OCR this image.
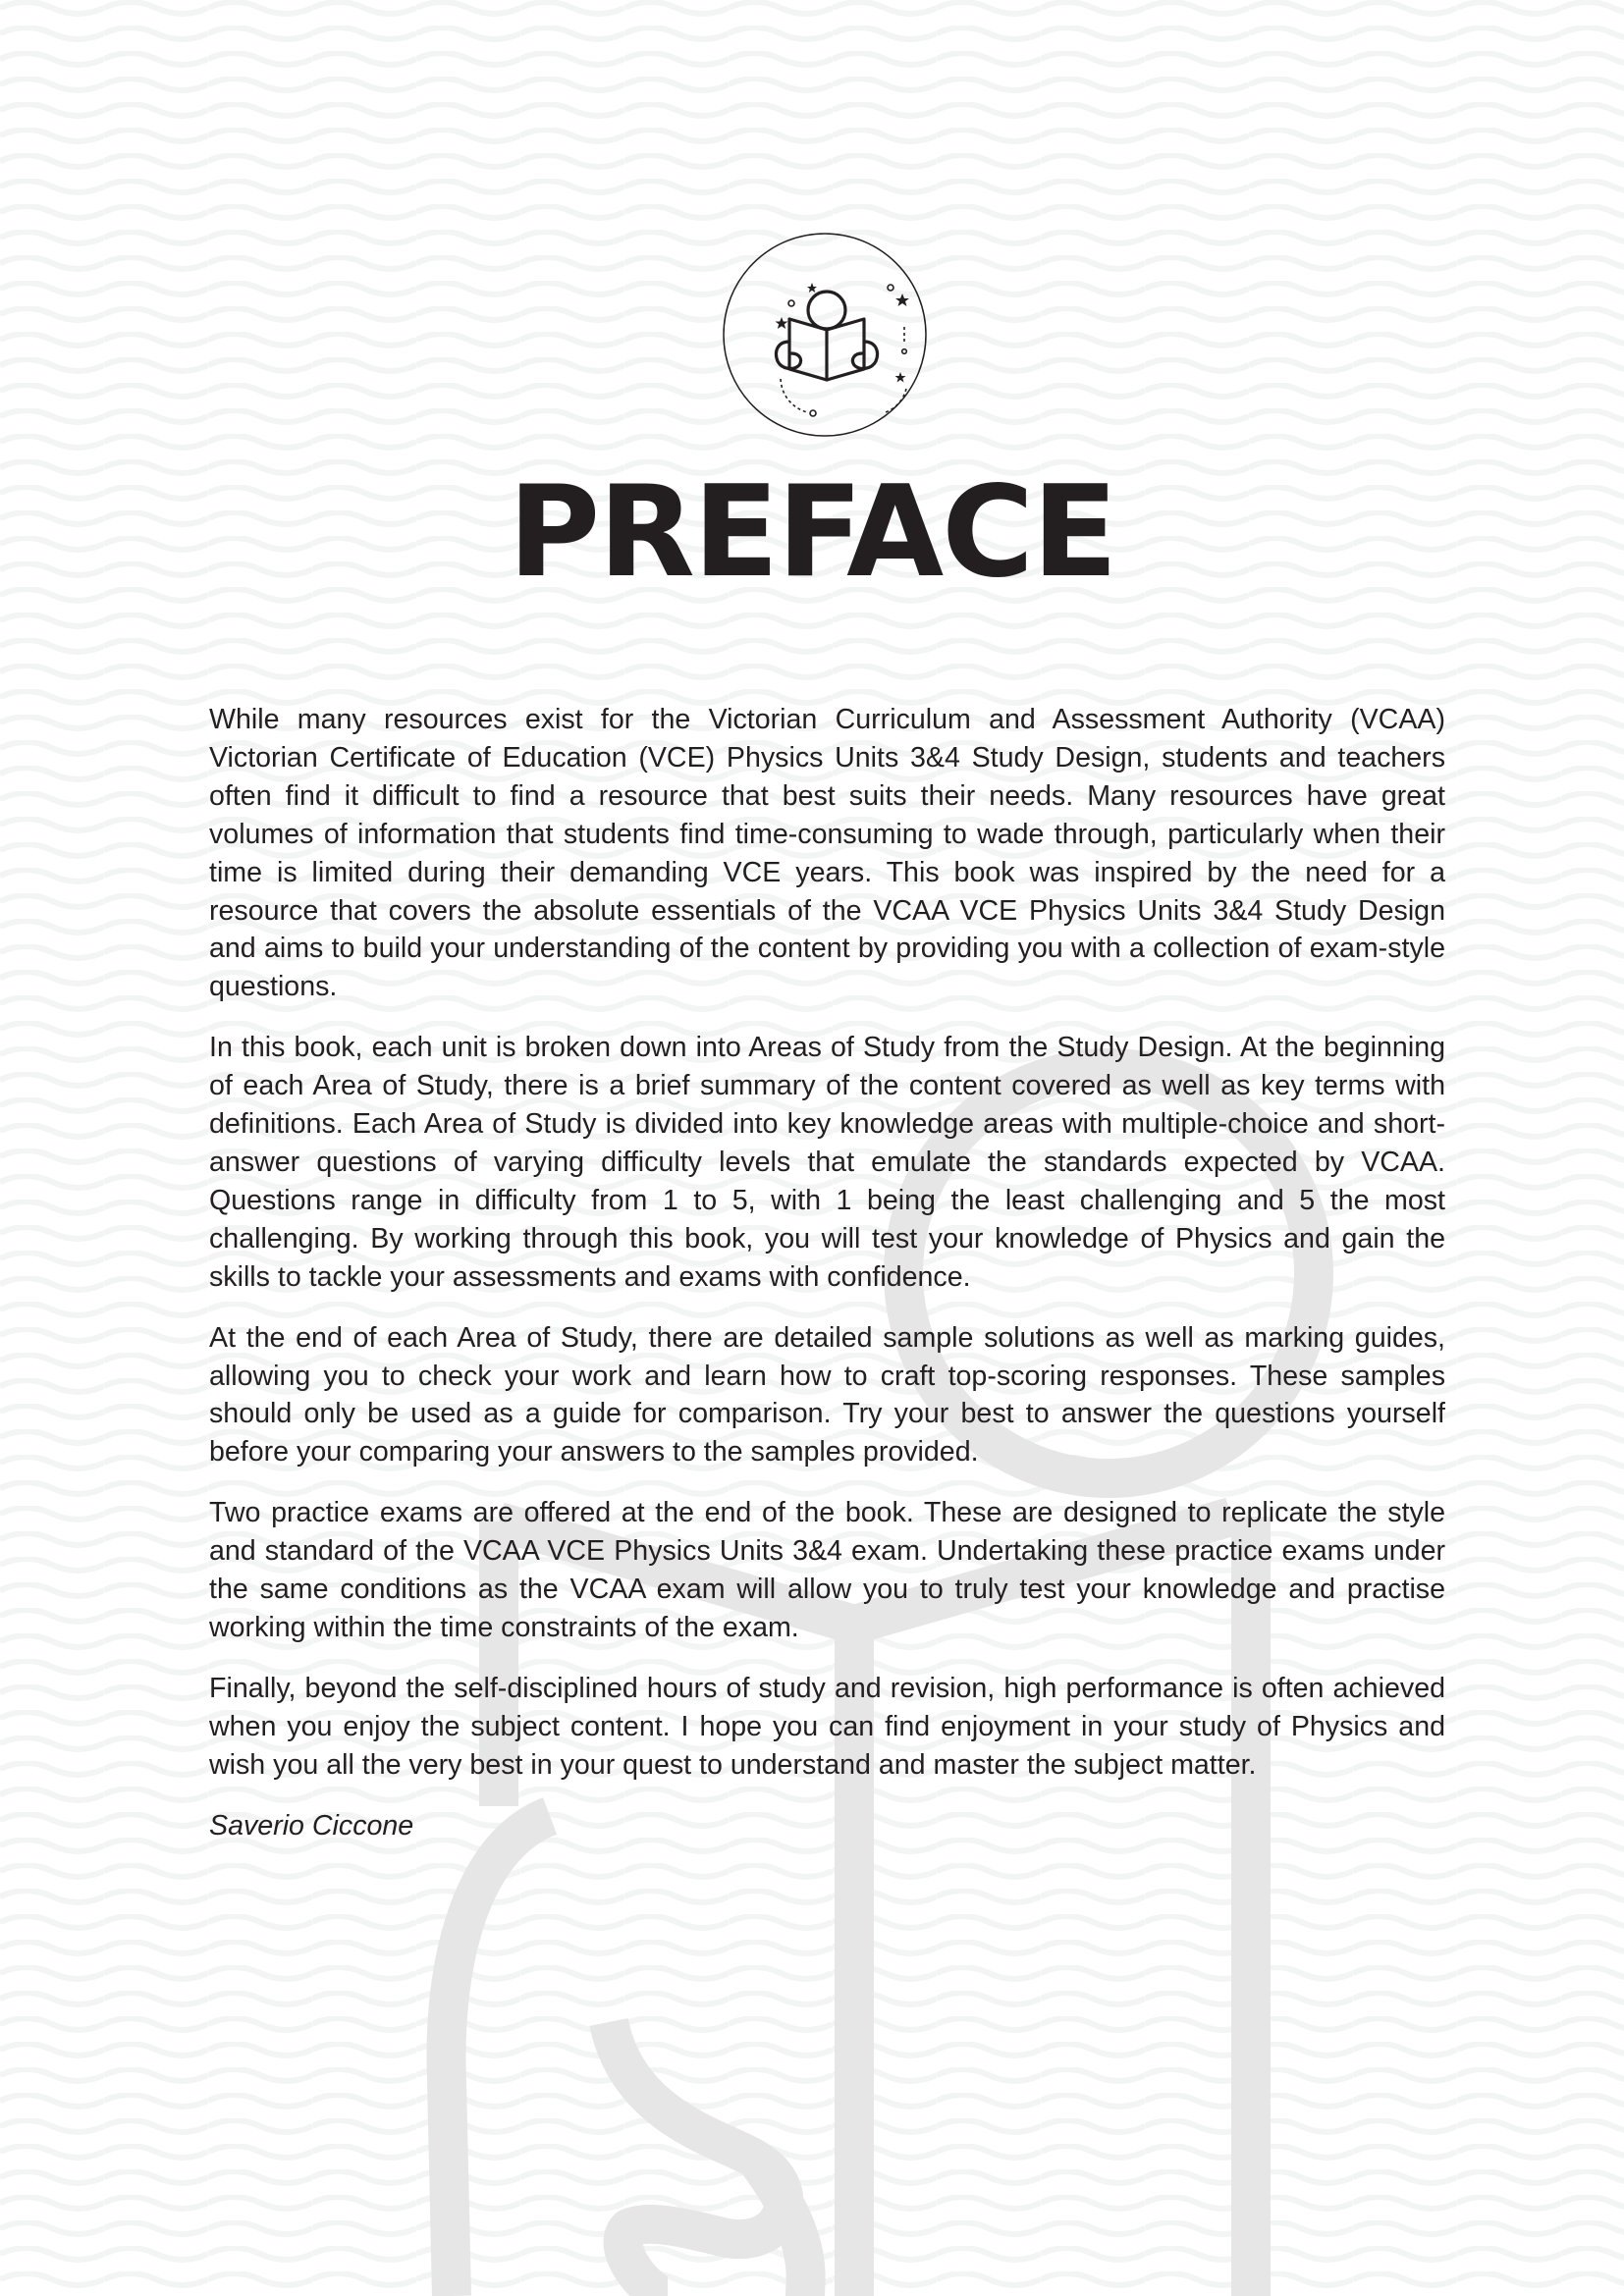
PREFACE

While many resources exist for the Victorian Curriculum and Assessment Authority (VCAA) Victorian Certificate of Education (VCE) Physics Units 3&4 Study Design, students and teachers often find it difficult to find a resource that best suits their needs. Many resources have great volumes of information that students find time-consuming to wade through, particularly when their time is limited during their demanding VCE years. This book was inspired by the need for a resource that covers the absolute essentials of the VCAA VCE Physics Units 3&4 Study Design and aims to build your understanding of the content by providing you with a collection of exam-style questions.

In this book, each unit is broken down into Areas of Study from the Study Design. At the beginning of each Area of Study, there is a brief summary of the content covered as well as key terms with definitions. Each Area of Study is divided into key knowledge areas with multiple-choice and short-answer questions of varying difficulty levels that emulate the standards expected by VCAA. Questions range in difficulty from 1 to 5, with 1 being the least challenging and 5 the most challenging. By working through this book, you will test your knowledge of Physics and gain the skills to tackle your assessments and exams with confidence.

At the end of each Area of Study, there are detailed sample solutions as well as marking guides, allowing you to check your work and learn how to craft top-scoring responses. These samples should only be used as a guide for comparison. Try your best to answer the questions yourself before your comparing your answers to the samples provided.

Two practice exams are offered at the end of the book. These are designed to replicate the style and standard of the VCAA VCE Physics Units 3&4 exam. Undertaking these practice exams under the same conditions as the VCAA exam will allow you to truly test your knowledge and practise working within the time constraints of the exam.

Finally, beyond the self-disciplined hours of study and revision, high performance is often achieved when you enjoy the subject content. I hope you can find enjoyment in your study of Physics and wish you all the very best in your quest to understand and master the subject matter.

Saverio Ciccone
